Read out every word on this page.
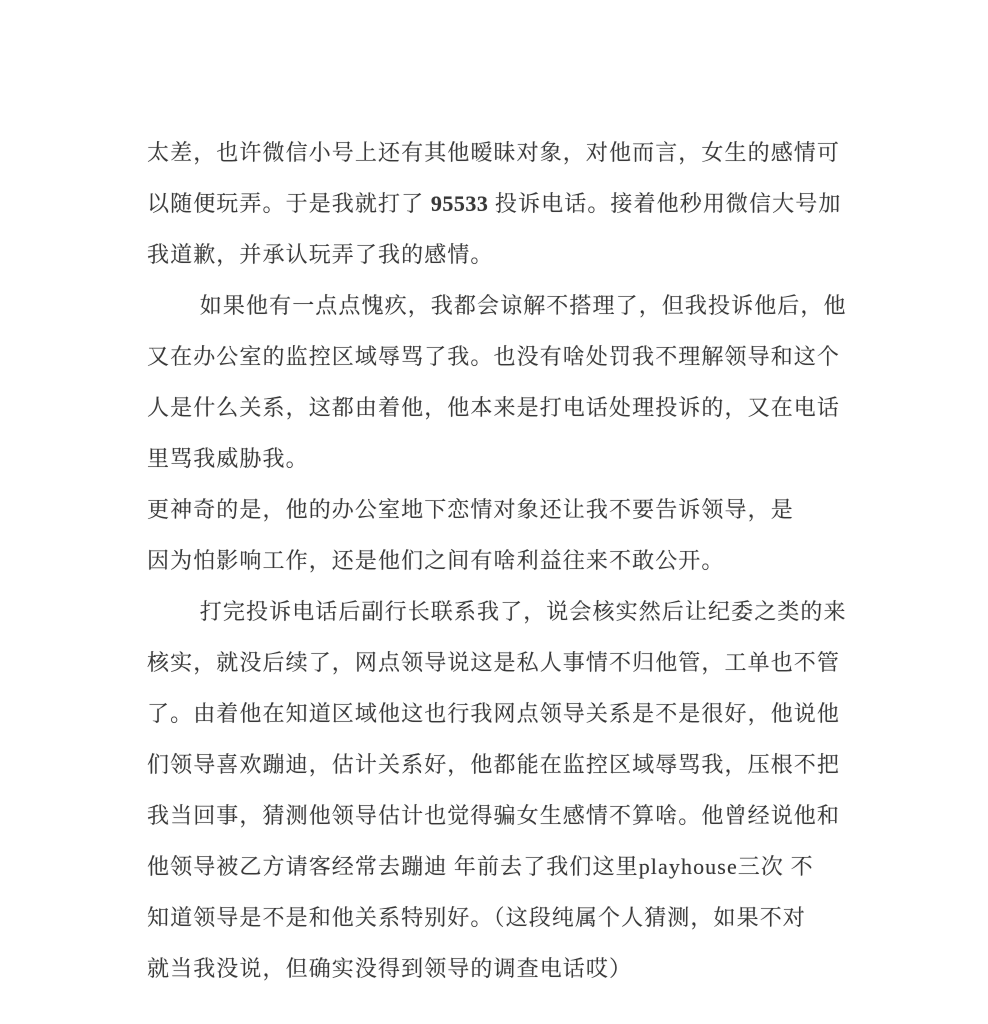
太差，也许微信小号上还有其他暧昧对象，对他而言，女生的感情可
以随便玩弄。于是我就打了 95533 投诉电话。接着他秒用微信大号加
我道歉，并承认玩弄了我的感情。
如果他有一点点愧疚，我都会谅解不搭理了，但我投诉他后，他
又在办公室的监控区域辱骂了我。也没有啥处罚我不理解领导和这个
人是什么关系，这都由着他，他本来是打电话处理投诉的，又在电话
里骂我威胁我。
更神奇的是，他的办公室地下恋情对象还让我不要告诉领导，是
因为怕影响工作，还是他们之间有啥利益往来不敢公开。
打完投诉电话后副行长联系我了，说会核实然后让纪委之类的来
核实，就没后续了，网点领导说这是私人事情不归他管，工单也不管
了。由着他在知道区域他这也行我网点领导关系是不是很好，他说他
们领导喜欢蹦迪，估计关系好，他都能在监控区域辱骂我，压根不把
我当回事，猜测他领导估计也觉得骗女生感情不算啥。他曾经说他和
他领导被乙方请客经常去蹦迪 年前去了我们这里playhouse三次 不
知道领导是不是和他关系特别好。（这段纯属个人猜测，如果不对
就当我没说，但确实没得到领导的调查电话哎）
